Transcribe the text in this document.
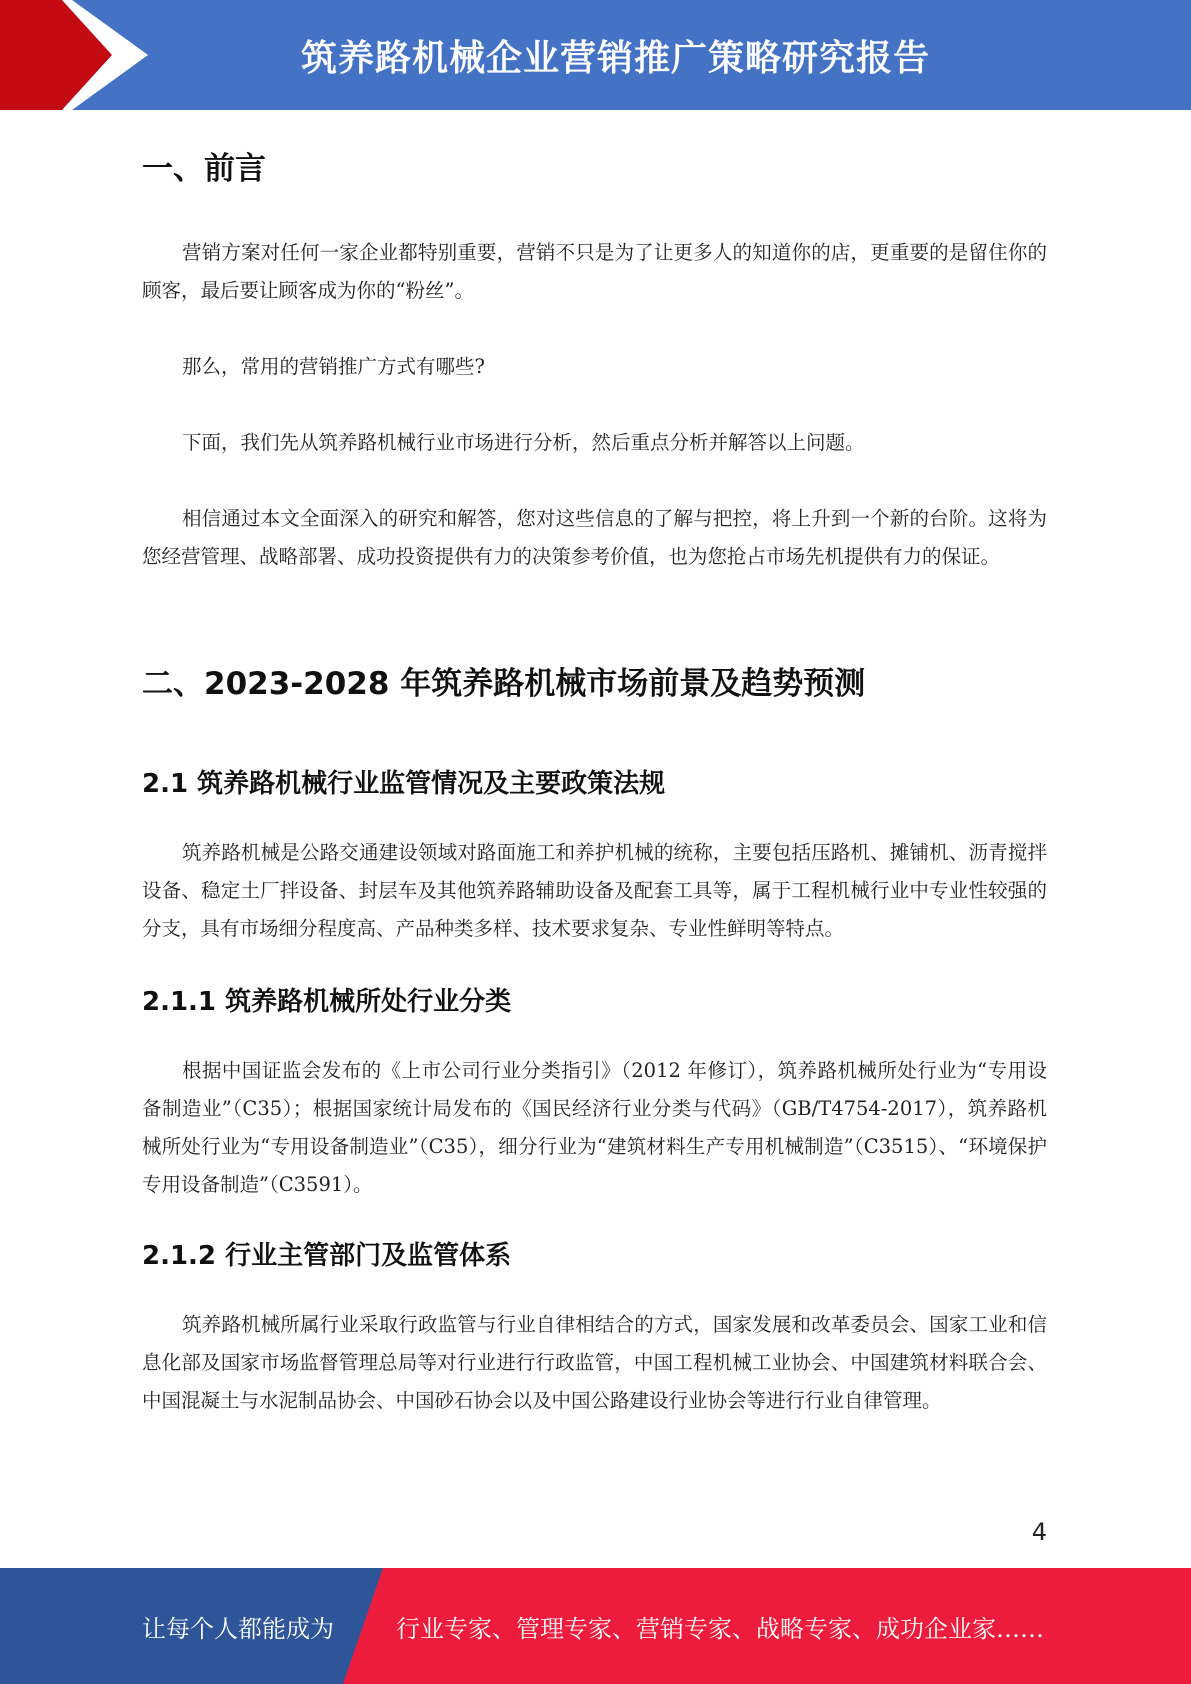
筑养路机械企业营销推广策略研究报告
一、前言

营销方案对任何一家企业都特别重要，营销不只是为了让更多人的知道你的店，更重要的是留住你的顾客，最后要让顾客成为你的“粉丝”。

那么，常用的营销推广方式有哪些?

下面，我们先从筑养路机械行业市场进行分析，然后重点分析并解答以上问题。

相信通过本文全面深入的研究和解答，您对这些信息的了解与把控，将上升到一个新的台阶。这将为您经营管理、战略部署、成功投资提供有力的决策参考价值，也为您抢占市场先机提供有力的保证。

二、2023-2028 年筑养路机械市场前景及趋势预测
2.1 筑养路机械行业监管情况及主要政策法规

筑养路机械是公路交通建设领域对路面施工和养护机械的统称，主要包括压路机、摊铺机、沥青搅拌设备、稳定土厂拌设备、封层车及其他筑养路辅助设备及配套工具等，属于工程机械行业中专业性较强的分支，具有市场细分程度高、产品种类多样、技术要求复杂、专业性鲜明等特点。

2.1.1 筑养路机械所处行业分类

根据中国证监会发布的《上市公司行业分类指引》（2012 年修订），筑养路机械所处行业为“专用设备制造业”（C35）；根据国家统计局发布的《国民经济行业分类与代码》（GB/T4754-2017），筑养路机械所处行业为“专用设备制造业”（C35），细分行业为“建筑材料生产专用机械制造”（C3515）、“环境保护专用设备制造”（C3591）。

2.1.2 行业主管部门及监管体系

筑养路机械所属行业采取行政监管与行业自律相结合的方式，国家发展和改革委员会、国家工业和信息化部及国家市场监督管理总局等对行业进行行政监管，中国工程机械工业协会、中国建筑材料联合会、中国混凝土与水泥制品协会、中国砂石协会以及中国公路建设行业协会等进行行业自律管理。

4
让每个人都能成为	行业专家、管理专家、营销专家、战略专家、成功企业家……
